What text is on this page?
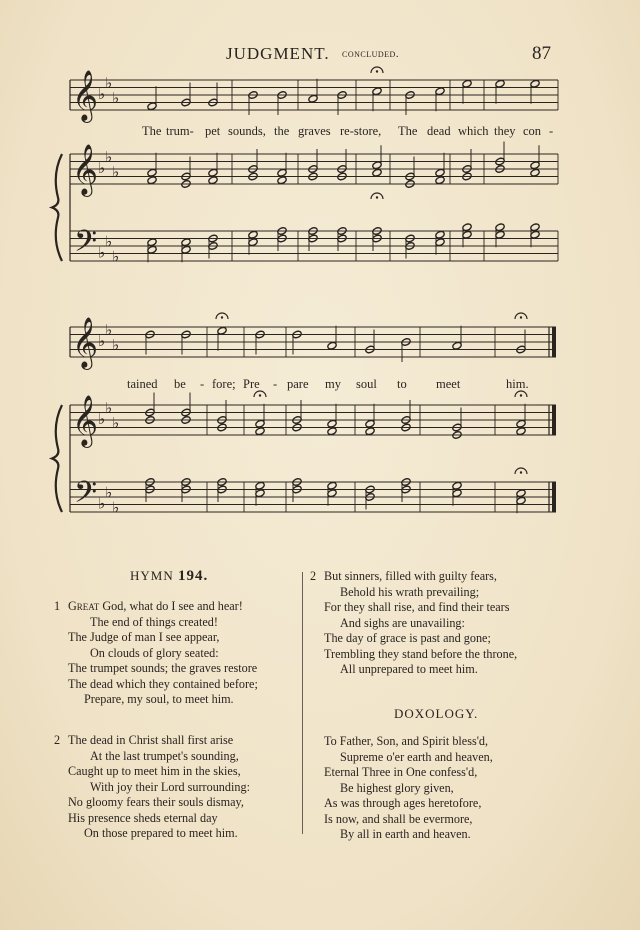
JUDGMENT. concluded.	87
𝄞
𝄞
𝄢
♭
♭
♭
♭
♭
♭
♭
♭
♭
𝄞
𝄞
𝄢
♭
♭
♭
♭
♭
♭
♭
♭
♭
The trum- pet sounds, the graves re-store, The dead which they con -
tained be - fore; Pre - pare my soul to meet	him.
HYMN 194.
1 Great God, what do I see and hear!
The end of things created!
The Judge of man I see appear,
On clouds of glory seated:
The trumpet sounds; the graves restore
The dead which they contained before;
Prepare, my soul, to meet him.
2 The dead in Christ shall first arise
At the last trumpet's sounding,
Caught up to meet him in the skies,
With joy their Lord surrounding:
No gloomy fears their souls dismay,
His presence sheds eternal day
On those prepared to meet him.
2 But sinners, filled with guilty fears,
Behold his wrath prevailing;
For they shall rise, and find their tears
And sighs are unavailing:
The day of grace is past and gone;
Trembling they stand before the throne,
All unprepared to meet him.
DOXOLOGY.
To Father, Son, and Spirit bless'd,
Supreme o'er earth and heaven,
Eternal Three in One confess'd,
Be highest glory given,
As was through ages heretofore,
Is now, and shall be evermore,
By all in earth and heaven.
